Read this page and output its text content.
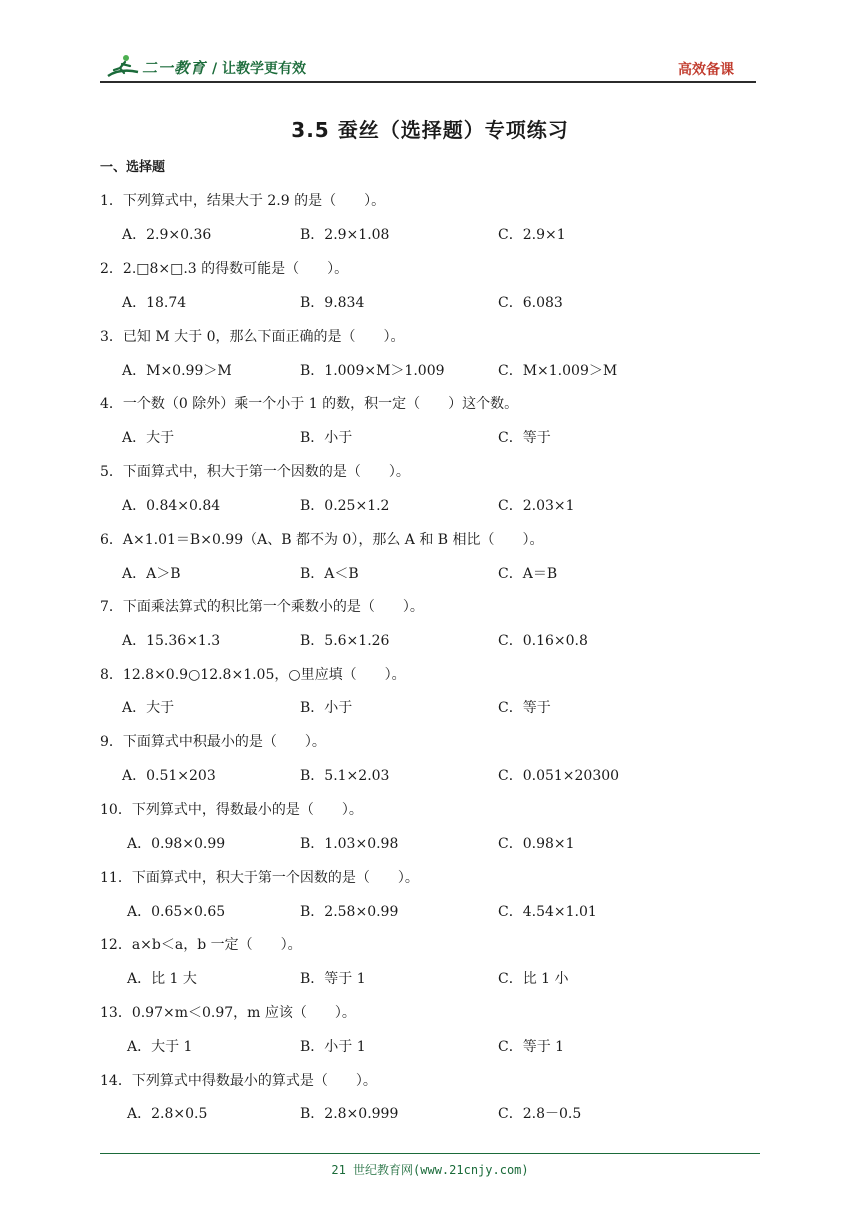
二一教育 / 让教学更有效	高效备课
3.5 蚕丝（选择题）专项练习
一、选择题
1．下列算式中，结果大于 2.9 的是（　　）。
A．2.9×0.36	B．2.9×1.08	C．2.9×1
2．2.□8×□.3 的得数可能是（　　）。
A．18.74	B．9.834	C．6.083
3．已知 M 大于 0，那么下面正确的是（　　）。
A．M×0.99＞M	B．1.009×M＞1.009	C．M×1.009＞M
4．一个数（0 除外）乘一个小于 1 的数，积一定（　　）这个数。
A．大于	B．小于	C．等于
5．下面算式中，积大于第一个因数的是（　　）。
A．0.84×0.84	B．0.25×1.2	C．2.03×1
6．A×1.01＝B×0.99（A、B 都不为 0），那么 A 和 B 相比（　　）。
A．A＞B	B．A＜B	C．A＝B
7．下面乘法算式的积比第一个乘数小的是（　　）。
A．15.36×1.3	B．5.6×1.26	C．0.16×0.8
8．12.8×0.9○12.8×1.05，○里应填（　　）。
A．大于	B．小于	C．等于
9．下面算式中积最小的是（　　）。
A．0.51×203	B．5.1×2.03	C．0.051×20300
10．下列算式中，得数最小的是（　　）。
A．0.98×0.99	B．1.03×0.98	C．0.98×1
11．下面算式中，积大于第一个因数的是（　　）。
A．0.65×0.65	B．2.58×0.99	C．4.54×1.01
12．a×b＜a，b 一定（　　）。
A．比 1 大	B．等于 1	C．比 1 小
13．0.97×m＜0.97，m 应该（　　）。
A．大于 1	B．小于 1	C．等于 1
14．下列算式中得数最小的算式是（　　）。
A．2.8×0.5	B．2.8×0.999	C．2.8－0.5
21 世纪教育网(www.21cnjy.com)
